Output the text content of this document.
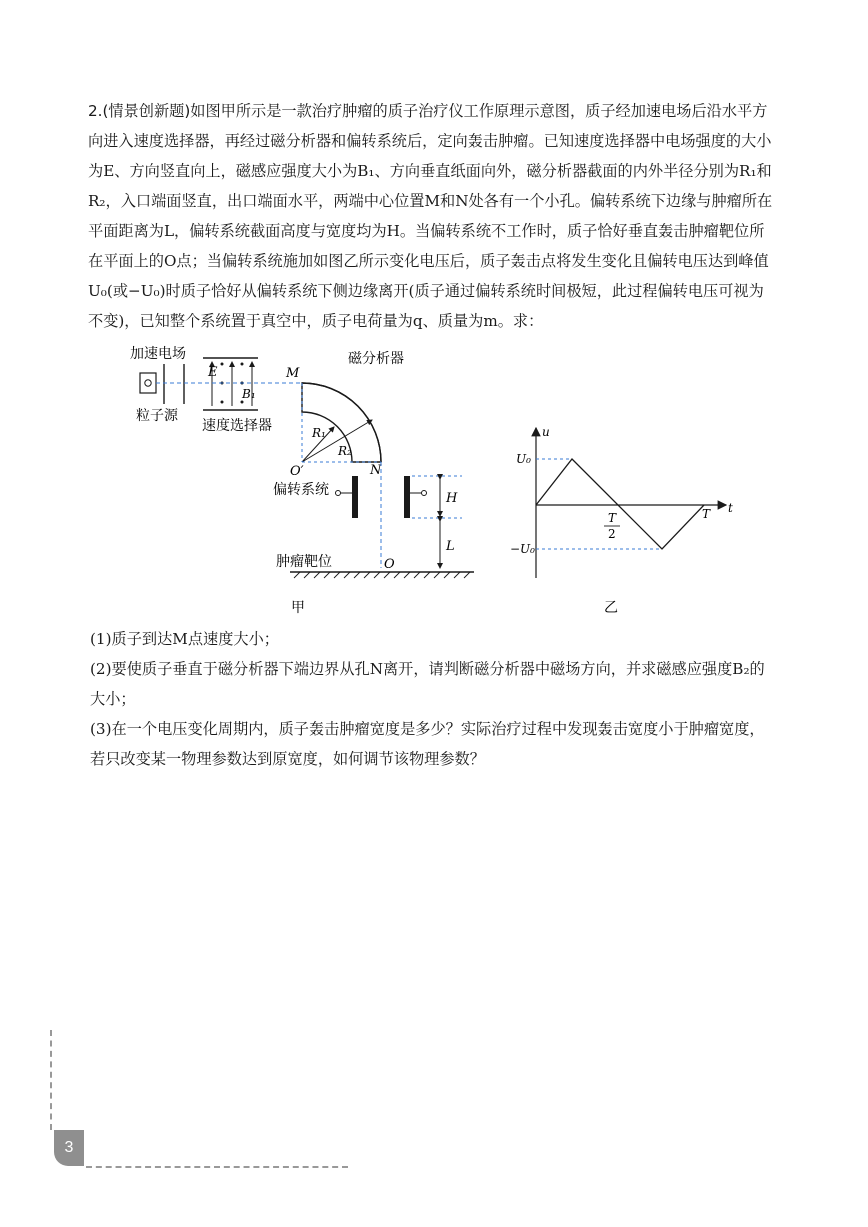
2.(情景创新题)如图甲所示是一款治疗肿瘤的质子治疗仪工作原理示意图，质子经加速电场后沿水平方

向进入速度选择器，再经过磁分析器和偏转系统后，定向轰击肿瘤。已知速度选择器中电场强度的大小

为E、方向竖直向上，磁感应强度大小为B₁、方向垂直纸面向外，磁分析器截面的内外半径分别为R₁和

R₂，入口端面竖直，出口端面水平，两端中心位置M和N处各有一个小孔。偏转系统下边缘与肿瘤所在

平面距离为L，偏转系统截面高度与宽度均为H。当偏转系统不工作时，质子恰好垂直轰击肿瘤靶位所

在平面上的O点；当偏转系统施加如图乙所示变化电压后，质子轰击点将发生变化且偏转电压达到峰值

U₀(或−U₀)时质子恰好从偏转系统下侧边缘离开(质子通过偏转系统时间极短，此过程偏转电压可视为

不变)，已知整个系统置于真空中，质子电荷量为q、质量为m。求：

加速电场
粒子源
速度选择器
磁分析器
E
B₁
R₁
R₂
M
O′	N
偏转系统
H
L
肿瘤靶位	O
甲
u
t
U₀
−U₀
T
2
T
乙

(1)质子到达M点速度大小；

(2)要使质子垂直于磁分析器下端边界从孔N离开，请判断磁分析器中磁场方向，并求磁感应强度B₂的

大小；

(3)在一个电压变化周期内，质子轰击肿瘤宽度是多少？实际治疗过程中发现轰击宽度小于肿瘤宽度，

若只改变某一物理参数达到原宽度，如何调节该物理参数？

3
